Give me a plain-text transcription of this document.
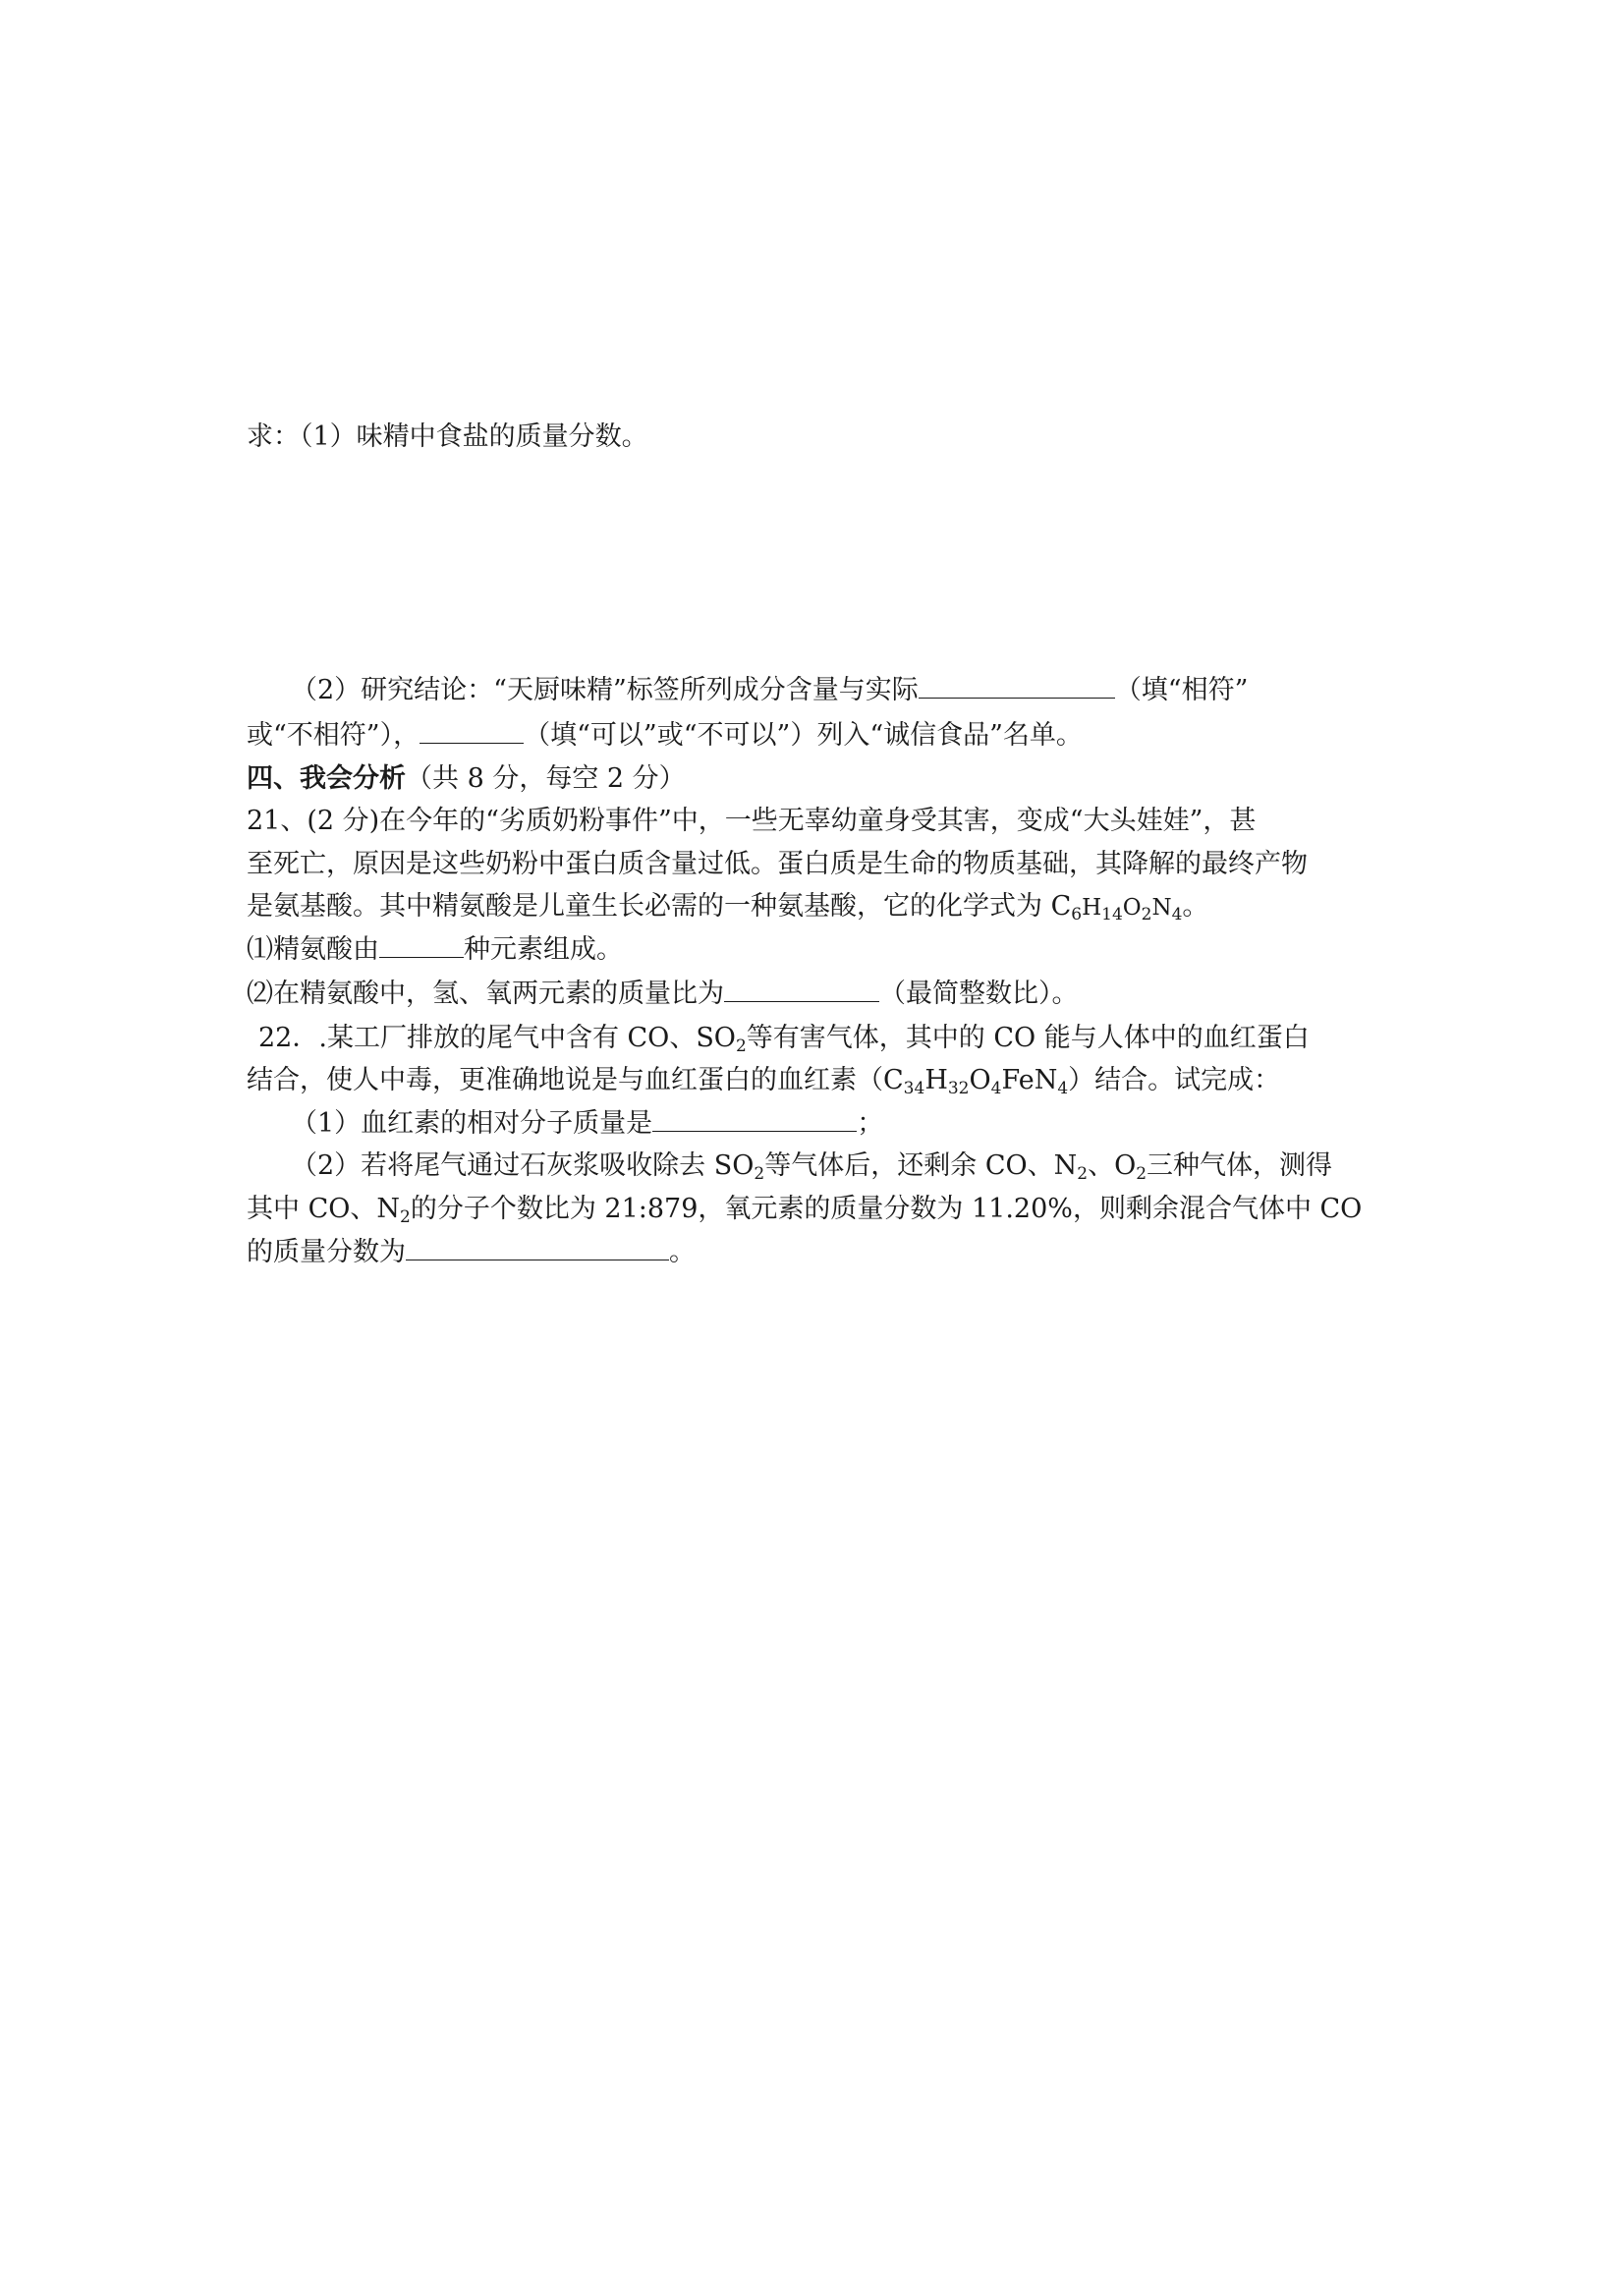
求：（1）味精中食盐的质量分数。
（2）研究结论：“天厨味精”标签所列成分含量与实际	（填“相符”
或“不相符”），	（填“可以”或“不可以”）列入“诚信食品”名单。
四、我会分析（共 8 分，每空 2 分）
21、(2 分)在今年的“劣质奶粉事件”中，一些无辜幼童身受其害，变成“大头娃娃”，甚
至死亡，原因是这些奶粉中蛋白质含量过低。蛋白质是生命的物质基础，其降解的最终产物
是氨基酸。其中精氨酸是儿童生长必需的一种氨基酸，它的化学式为 $C_6H_{14}O_2N_4$。
⑴精氨酸由	种元素组成。
⑵在精氨酸中，氢、氧两元素的质量比为	（最简整数比）。
22．.某工厂排放的尾气中含有 CO、$SO_2$等有害气体，其中的 CO 能与人体中的血红蛋白
结合，使人中毒，更准确地说是与血红蛋白的血红素$(C_{34}H_{32}O_4FeN_4)$结合。试完成：
（1）血红素的相对分子质量是	；
（2）若将尾气通过石灰浆吸收除去 $SO_2$等气体后，还剩余 CO、$N_2$、$O_2$三种气体，测得
其中 CO、$N_2$的分子个数比为 21:879，氧元素的质量分数为 11.20%，则剩余混合气体中 CO
的质量分数为	。
